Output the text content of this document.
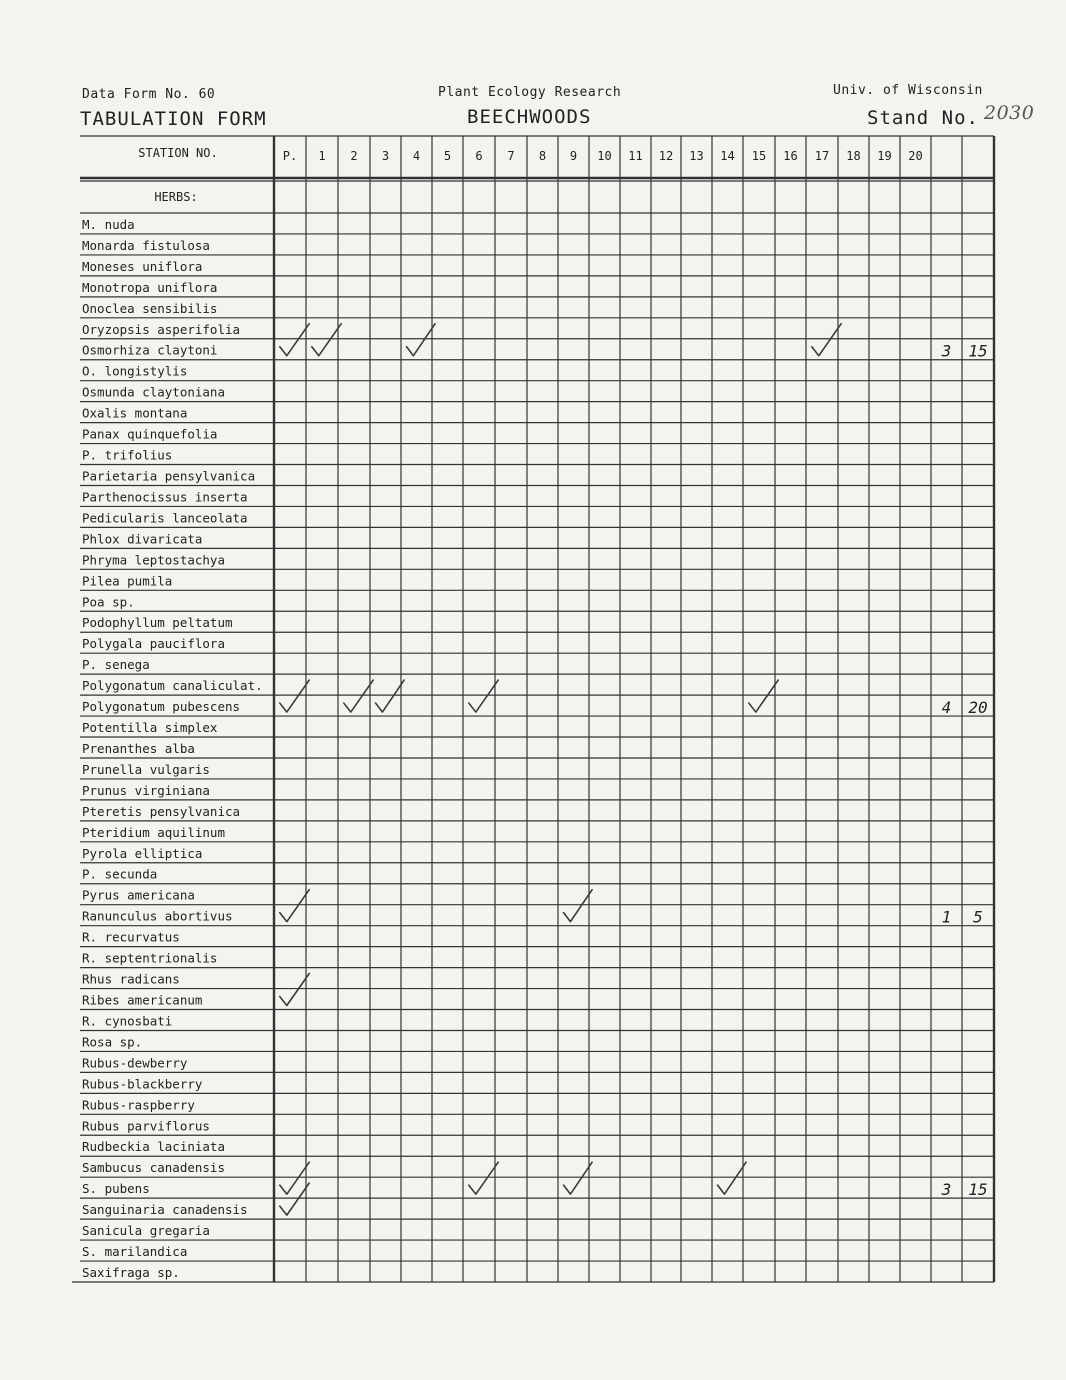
Data Form No. 60
TABULATION FORM
Plant Ecology Research
BEECHWOODS
Univ. of Wisconsin
Stand No. 2030
STATION NO.	P. 1 2 3 4 5 6 7 8 9 10 11 12 13 14 15 16 17 18 19 20
HERBS:
M. nuda
Monarda fistulosa
Moneses uniflora
Monotropa uniflora
Onoclea sensibilis
Oryzopsis asperifolia
Osmorhiza claytoni
O. longistylis
Osmunda claytoniana
Oxalis montana
Panax quinquefolia
P. trifolius
Parietaria pensylvanica
Parthenocissus inserta
Pedicularis lanceolata
Phlox divaricata
Phryma leptostachya
Pilea pumila
Poa sp.
Podophyllum peltatum
Polygala pauciflora
P. senega
Polygonatum canaliculat.
Polygonatum pubescens
Potentilla simplex
Prenanthes alba
Prunella vulgaris
Prunus virginiana
Pteretis pensylvanica
Pteridium aquilinum
Pyrola elliptica
P. secunda
Pyrus americana
Ranunculus abortivus
R. recurvatus
R. septentrionalis
Rhus radicans
Ribes americanum
R. cynosbati
Rosa sp.
Rubus-dewberry
Rubus-blackberry
Rubus-raspberry
Rubus parviflorus
Rudbeckia laciniata
Sambucus canadensis
S. pubens
Sanguinaria canadensis
Sanicula gregaria
S. marilandica
Saxifraga sp.
3 15
4 20
1 5
3 15
